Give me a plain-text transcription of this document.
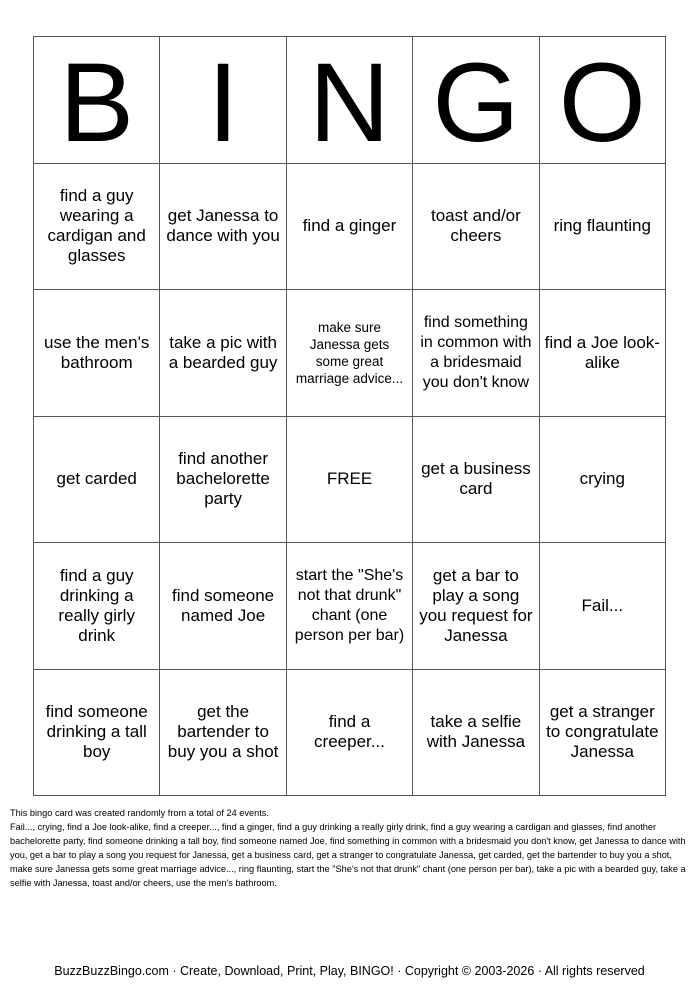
B I N G O
find a guy wearing a cardigan and glasses
get Janessa to dance with you
find a ginger
toast and/or cheers
ring flaunting
use the men's bathroom
take a pic with a bearded guy
make sure Janessa gets some great marriage advice...
find something in common with a bridesmaid you don't know
find a Joe look-alike
get carded
find another bachelorette party
FREE
get a business card
crying
find a guy drinking a really girly drink
find someone named Joe
start the "She's not that drunk" chant (one person per bar)
get a bar to play a song you request for Janessa
Fail...
find someone drinking a tall boy
get the bartender to buy you a shot
find a creeper...
take a selfie with Janessa
get a stranger to congratulate Janessa

This bingo card was created randomly from a total of 24 events.

Fail..., crying, find a Joe look-alike, find a creeper..., find a ginger, find a guy drinking a really girly drink, find a guy wearing a cardigan and glasses, find another bachelorette party, find someone drinking a tall boy, find someone named Joe, find something in common with a bridesmaid you don't know, get Janessa to dance with you, get a bar to play a song you request for Janessa, get a business card, get a stranger to congratulate Janessa, get carded, get the bartender to buy you a shot, make sure Janessa gets some great marriage advice..., ring flaunting, start the "She's not that drunk" chant (one person per bar), take a pic with a bearded guy, take a selfie with Janessa, toast and/or cheers, use the men's bathroom.

BuzzBuzzBingo.com · Create, Download, Print, Play, BINGO! · Copyright © 2003-2026 · All rights reserved
